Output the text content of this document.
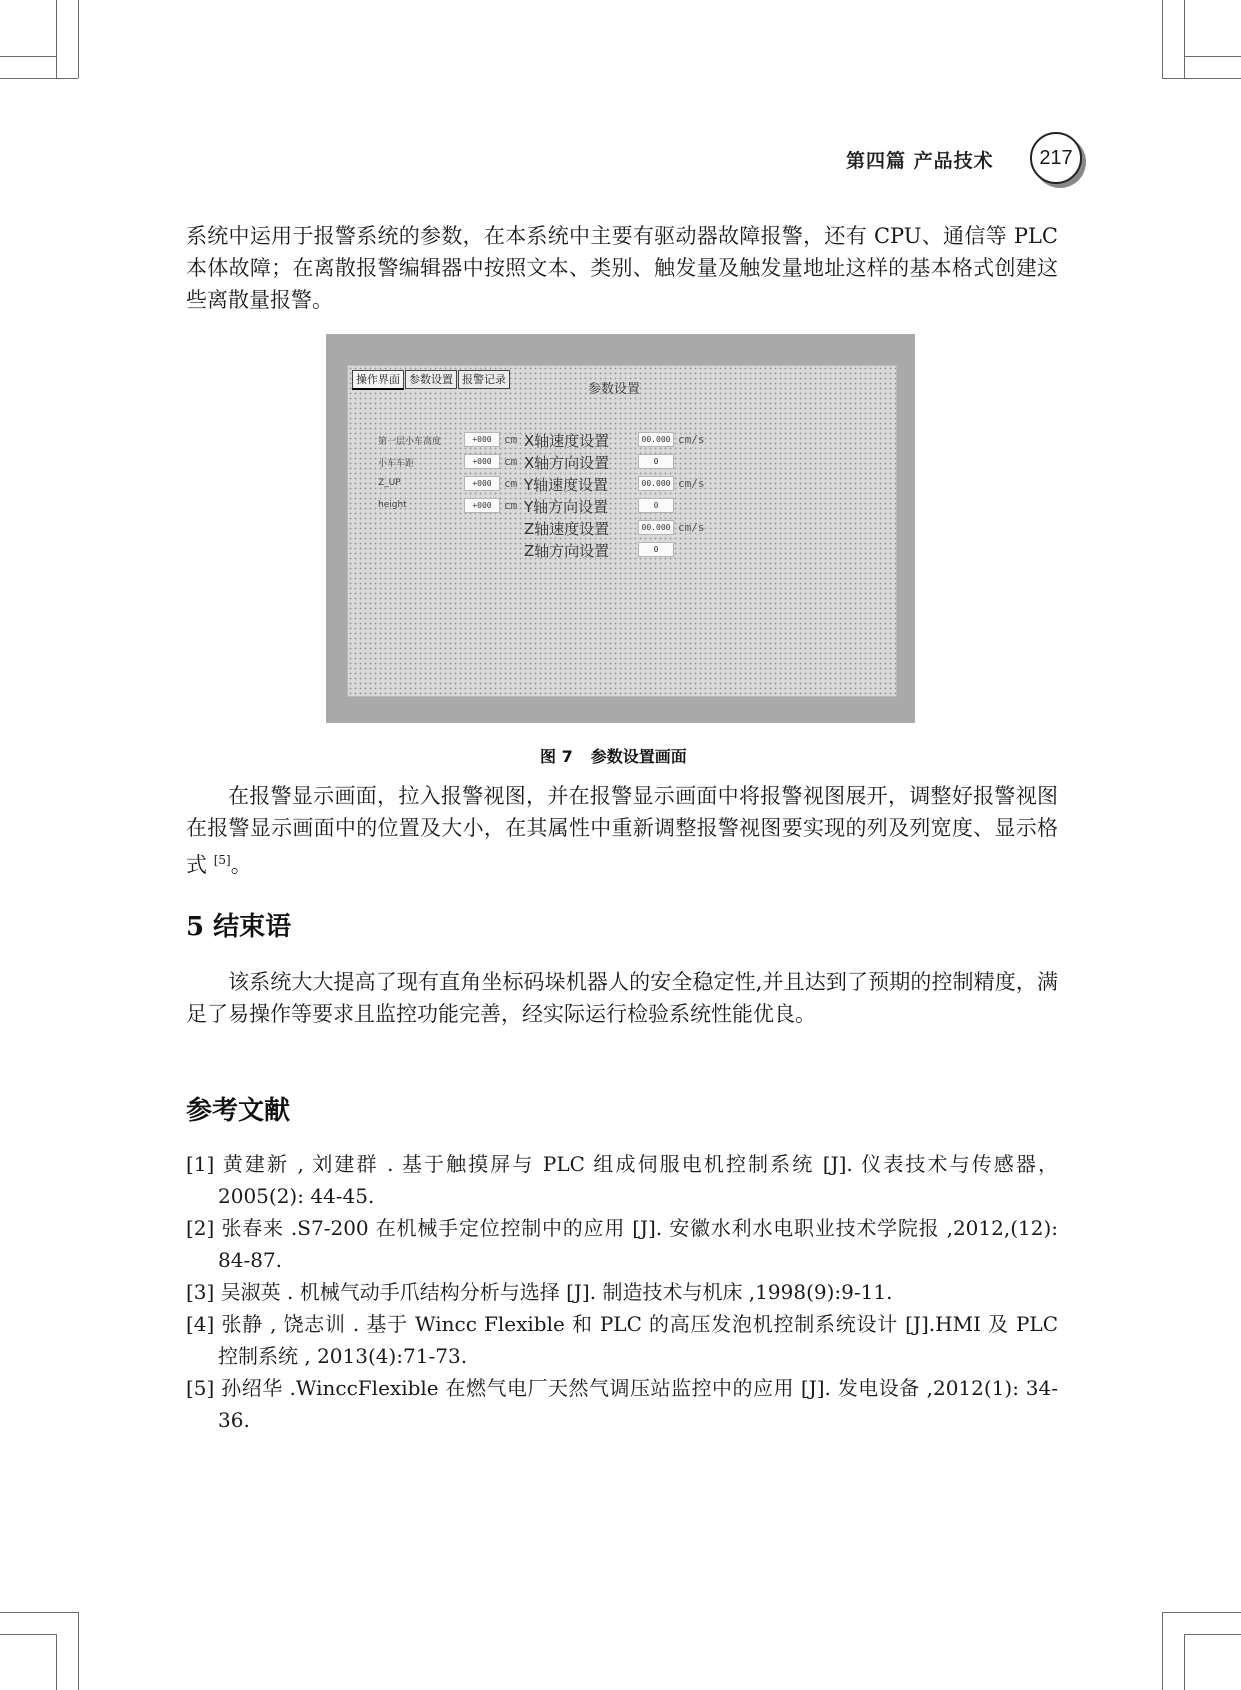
第四篇 产品技术	217

系统中运用于报警系统的参数，在本系统中主要有驱动器故障报警，还有 CPU、通信等 PLC 本体故障；在离散报警编辑器中按照文本、类别、触发量及触发量地址这样的基本格式创建这些离散量报警。

操作界面 参数设置 报警记录
参数设置
第一层小车高度	+000	cm
小车车距	+000	cm
Z_UP	+000	cm
height	+000	cm
X轴速度设置	00.000 cm/s
X轴方向设置	0
Y轴速度设置	00.000 cm/s
Y轴方向设置	0
Z轴速度设置	00.000 cm/s
Z轴方向设置	0
图 7 参数设置画面

在报警显示画面，拉入报警视图，并在报警显示画面中将报警视图展开，调整好报警视图在报警显示画面中的位置及大小，在其属性中重新调整报警视图要实现的列及列宽度、显示格式 [5]。

5 结束语

该系统大大提高了现有直角坐标码垛机器人的安全稳定性,并且达到了预期的控制精度，满足了易操作等要求且监控功能完善，经实际运行检验系统性能优良。

参考文献
[1] 黄建新 , 刘建群 . 基于触摸屏与 PLC 组成伺服电机控制系统 [J]. 仪表技术与传感器，2005(2): 44-45.
[2] 张春来 .S7-200 在机械手定位控制中的应用 [J]. 安徽水利水电职业技术学院报 ,2012,(12): 84-87.
[3] 吴淑英 . 机械气动手爪结构分析与选择 [J]. 制造技术与机床 ,1998(9):9-11.
[4] 张静 , 饶志训 . 基于 Wincc Flexible 和 PLC 的高压发泡机控制系统设计 [J].HMI 及 PLC 控制系统 , 2013(4):71-73.
[5] 孙绍华 .WinccFlexible 在燃气电厂天然气调压站监控中的应用 [J]. 发电设备 ,2012(1): 34-36.
